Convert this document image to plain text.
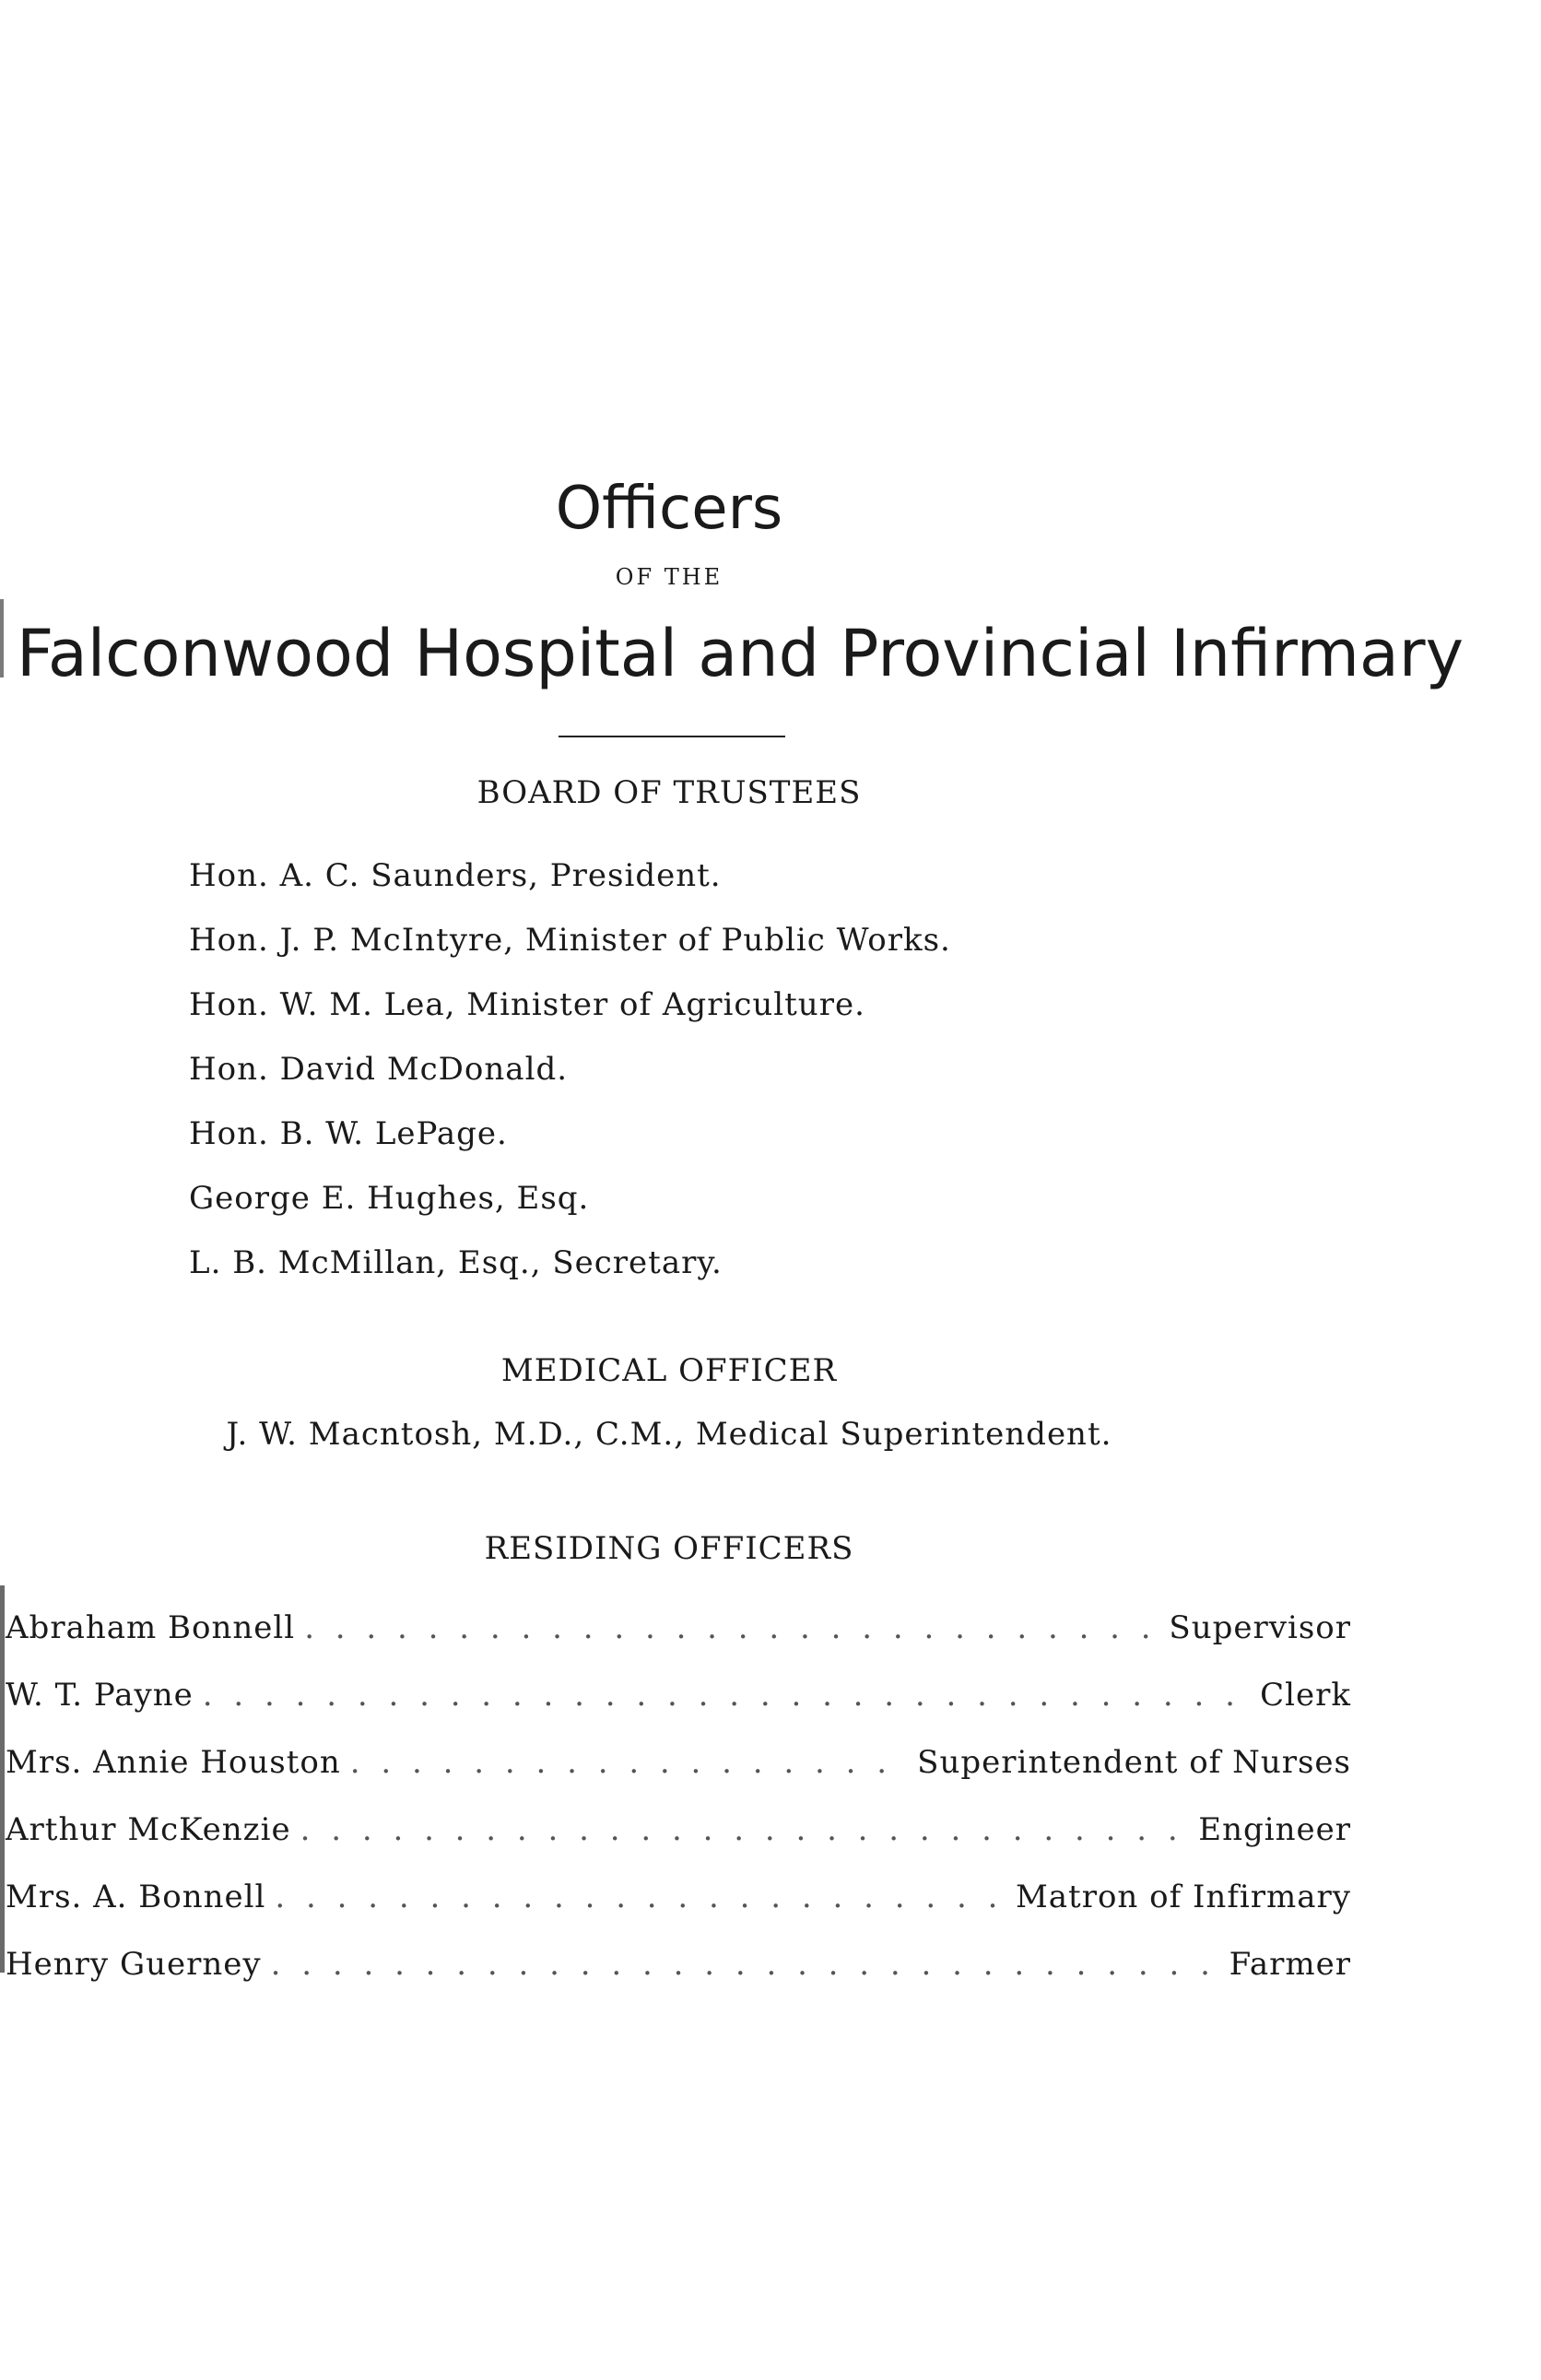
Officers
OF THE
Falconwood Hospital and Provincial Infirmary
BOARD OF TRUSTEES
Hon. A. C. Saunders, President.
Hon. J. P. McIntyre, Minister of Public Works.
Hon. W. M. Lea, Minister of Agriculture.
Hon. David McDonald.
Hon. B. W. LePage.
George E. Hughes, Esq.
L. B. McMillan, Esq., Secretary.
MEDICAL OFFICER
J. W. Macntosh, M.D., C.M., Medical Superintendent.
RESIDING OFFICERS
Abraham Bonnell . . .	Supervisor
W. T. Payne . . .	Clerk
Mrs. Annie Houston . . .	Superintendent of Nurses
Arthur McKenzie . . .	Engineer
Mrs. A. Bonnell . . .	Matron of Infirmary
Henry Guerney . . .	Farmer
